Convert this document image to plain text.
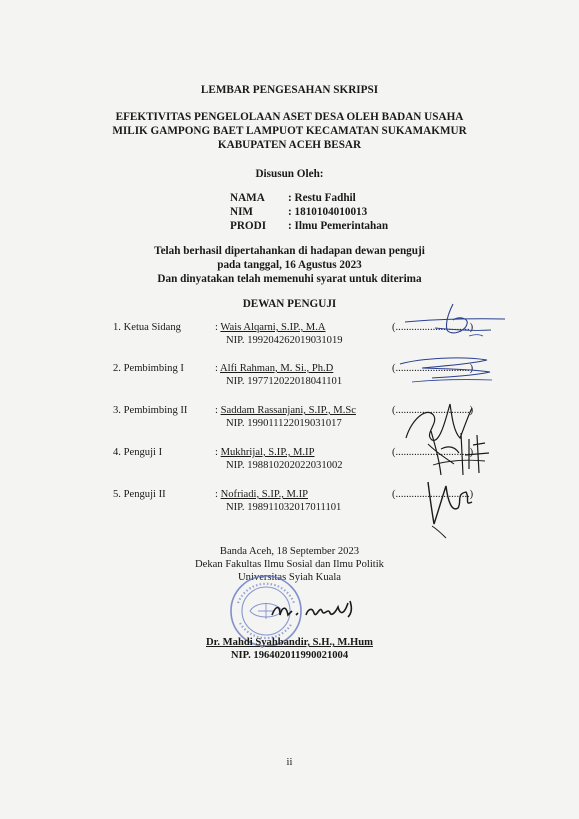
LEMBAR PENGESAHAN SKRIPSI
EFEKTIVITAS PENGELOLAAN ASET DESA OLEH BADAN USAHA
MILIK GAMPONG BAET LAMPUOT KECAMATAN SUKAMAKMUR
KABUPATEN ACEH BESAR
Disusun Oleh:
NAMA : Restu Fadhil
NIM	: 1810104010013
PRODI : Ilmu Pemerintahan
Telah berhasil dipertahankan di hadapan dewan penguji
pada tanggal, 16 Agustus 2023
Dan dinyatakan telah memenuhi syarat untuk diterima
DEWAN PENGUJI
1. Ketua Sidang	: Wais Alqarni, S.IP., M.A
NIP. 199204262019031019
(............................)
2. Pembimbing I	: Alfi Rahman, M. Si., Ph.D
NIP. 197712022018041101
(............................)
3. Pembimbing II	: Saddam Rassanjani, S.IP., M.Sc
NIP. 199011122019031017
(............................)
4. Penguji I	: Mukhrijal, S.IP., M.IP
NIP. 198810202022031002
(............................)
5. Penguji II	: Nofriadi, S.IP., M.IP
NIP. 198911032017011101
(............................)
Banda Aceh, 18 September 2023
Dekan Fakultas Ilmu Sosial dan Ilmu Politik
Universitas Syiah Kuala
Dr. Mahdi Syahbandir, S.H., M.Hum
NIP. 196402011990021004
ii
